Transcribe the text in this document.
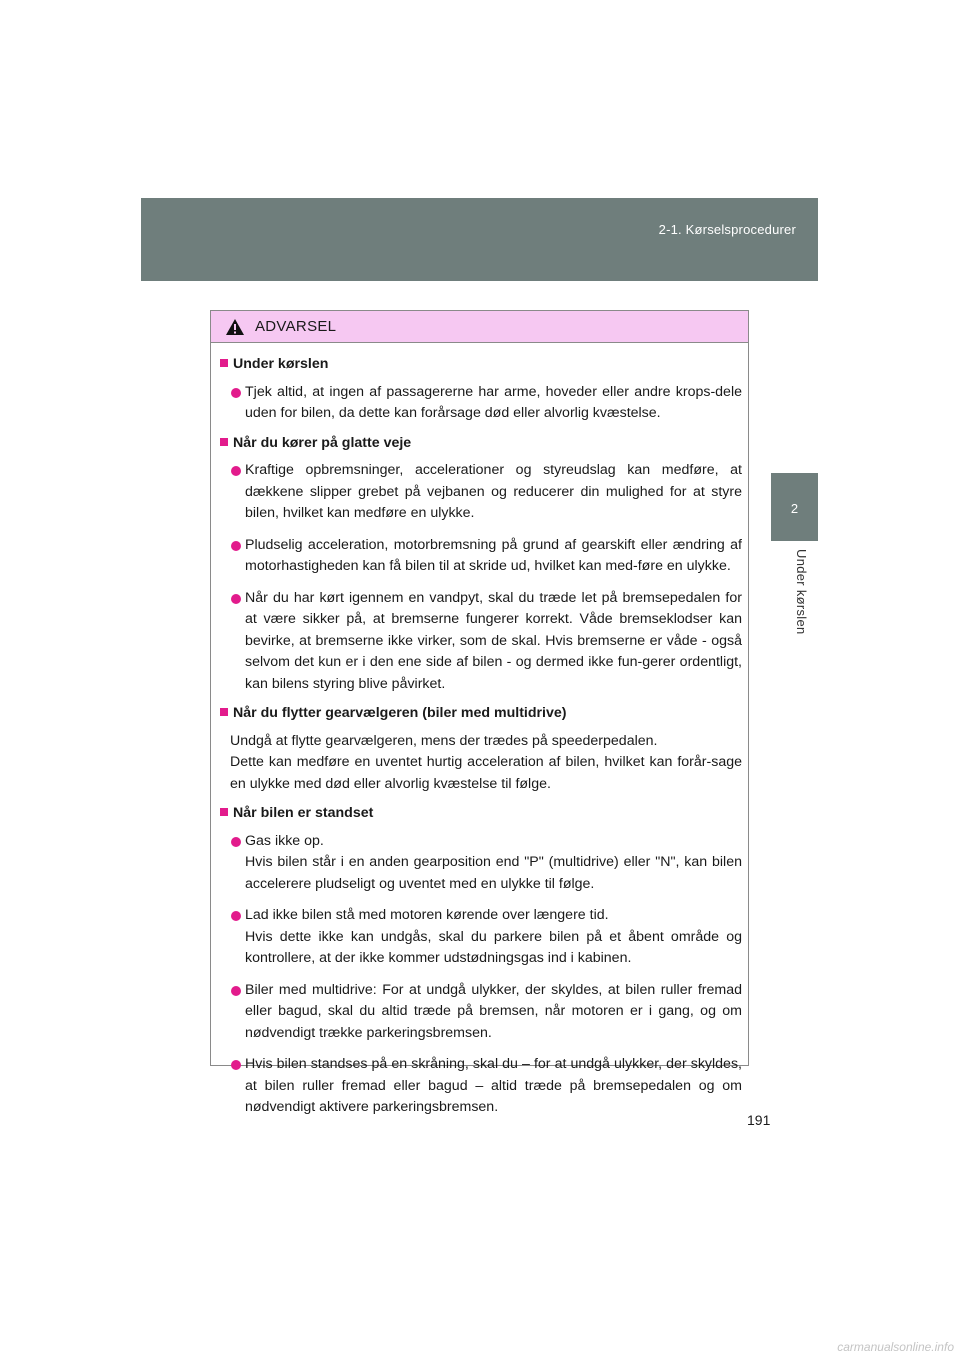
2-1. Kørselsprocedurer
2
Under kørslen
ADVARSEL
Under kørslen
Tjek altid, at ingen af passagererne har arme, hoveder eller andre krops-dele uden for bilen, da dette kan forårsage død eller alvorlig kvæstelse.
Når du kører på glatte veje
Kraftige opbremsninger, accelerationer og styreudslag kan medføre, at dækkene slipper grebet på vejbanen og reducerer din mulighed for at styre bilen, hvilket kan medføre en ulykke.
Pludselig acceleration, motorbremsning på grund af gearskift eller ændring af motorhastigheden kan få bilen til at skride ud, hvilket kan med-føre en ulykke.
Når du har kørt igennem en vandpyt, skal du træde let på bremsepedalen for at være sikker på, at bremserne fungerer korrekt. Våde bremseklodser kan bevirke, at bremserne ikke virker, som de skal. Hvis bremserne er våde - også selvom det kun er i den ene side af bilen - og dermed ikke fun-gerer ordentligt, kan bilens styring blive påvirket.
Når du flytter gearvælgeren (biler med multidrive)
Undgå at flytte gearvælgeren, mens der trædes på speederpedalen.
Dette kan medføre en uventet hurtig acceleration af bilen, hvilket kan forår-sage en ulykke med død eller alvorlig kvæstelse til følge.
Når bilen er standset
Gas ikke op.
Hvis bilen står i en anden gearposition end "P" (multidrive) eller "N", kan bilen accelerere pludseligt og uventet med en ulykke til følge.
Lad ikke bilen stå med motoren kørende over længere tid.
Hvis dette ikke kan undgås, skal du parkere bilen på et åbent område og kontrollere, at der ikke kommer udstødningsgas ind i kabinen.
Biler med multidrive: For at undgå ulykker, der skyldes, at bilen ruller fremad eller bagud, skal du altid træde på bremsen, når motoren er i gang, og om nødvendigt trække parkeringsbremsen.
Hvis bilen standses på en skråning, skal du – for at undgå ulykker, der skyldes, at bilen ruller fremad eller bagud – altid træde på bremsepedalen og om nødvendigt aktivere parkeringsbremsen.
191
carmanualsonline.info
